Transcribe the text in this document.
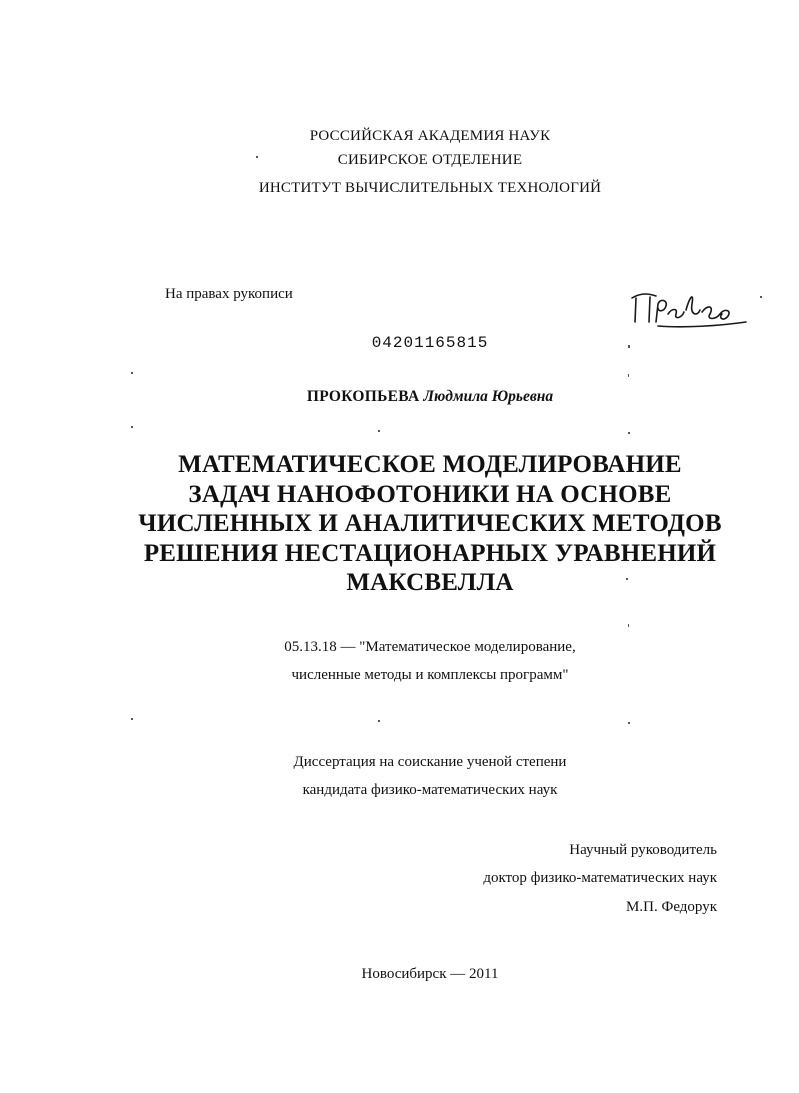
РОССИЙСКАЯ АКАДЕМИЯ НАУК
СИБИРСКОЕ ОТДЕЛЕНИЕ
ИНСТИТУТ ВЫЧИСЛИТЕЛЬНЫХ ТЕХНОЛОГИЙ
На правах рукописи
04201165815
ПРОКОПЬЕВА Людмила Юрьевна
МАТЕМАТИЧЕСКОЕ МОДЕЛИРОВАНИЕ
ЗАДАЧ НАНОФОТОНИКИ НА ОСНОВЕ
ЧИСЛЕННЫХ И АНАЛИТИЧЕСКИХ МЕТОДОВ
РЕШЕНИЯ НЕСТАЦИОНАРНЫХ УРАВНЕНИЙ
МАКСВЕЛЛА
05.13.18 — "Математическое моделирование,
численные методы и комплексы программ"
Диссертация на соискание ученой степени
кандидата физико-математических наук
Научный руководитель
доктор физико-математических наук
М.П. Федорук
Новосибирск — 2011
